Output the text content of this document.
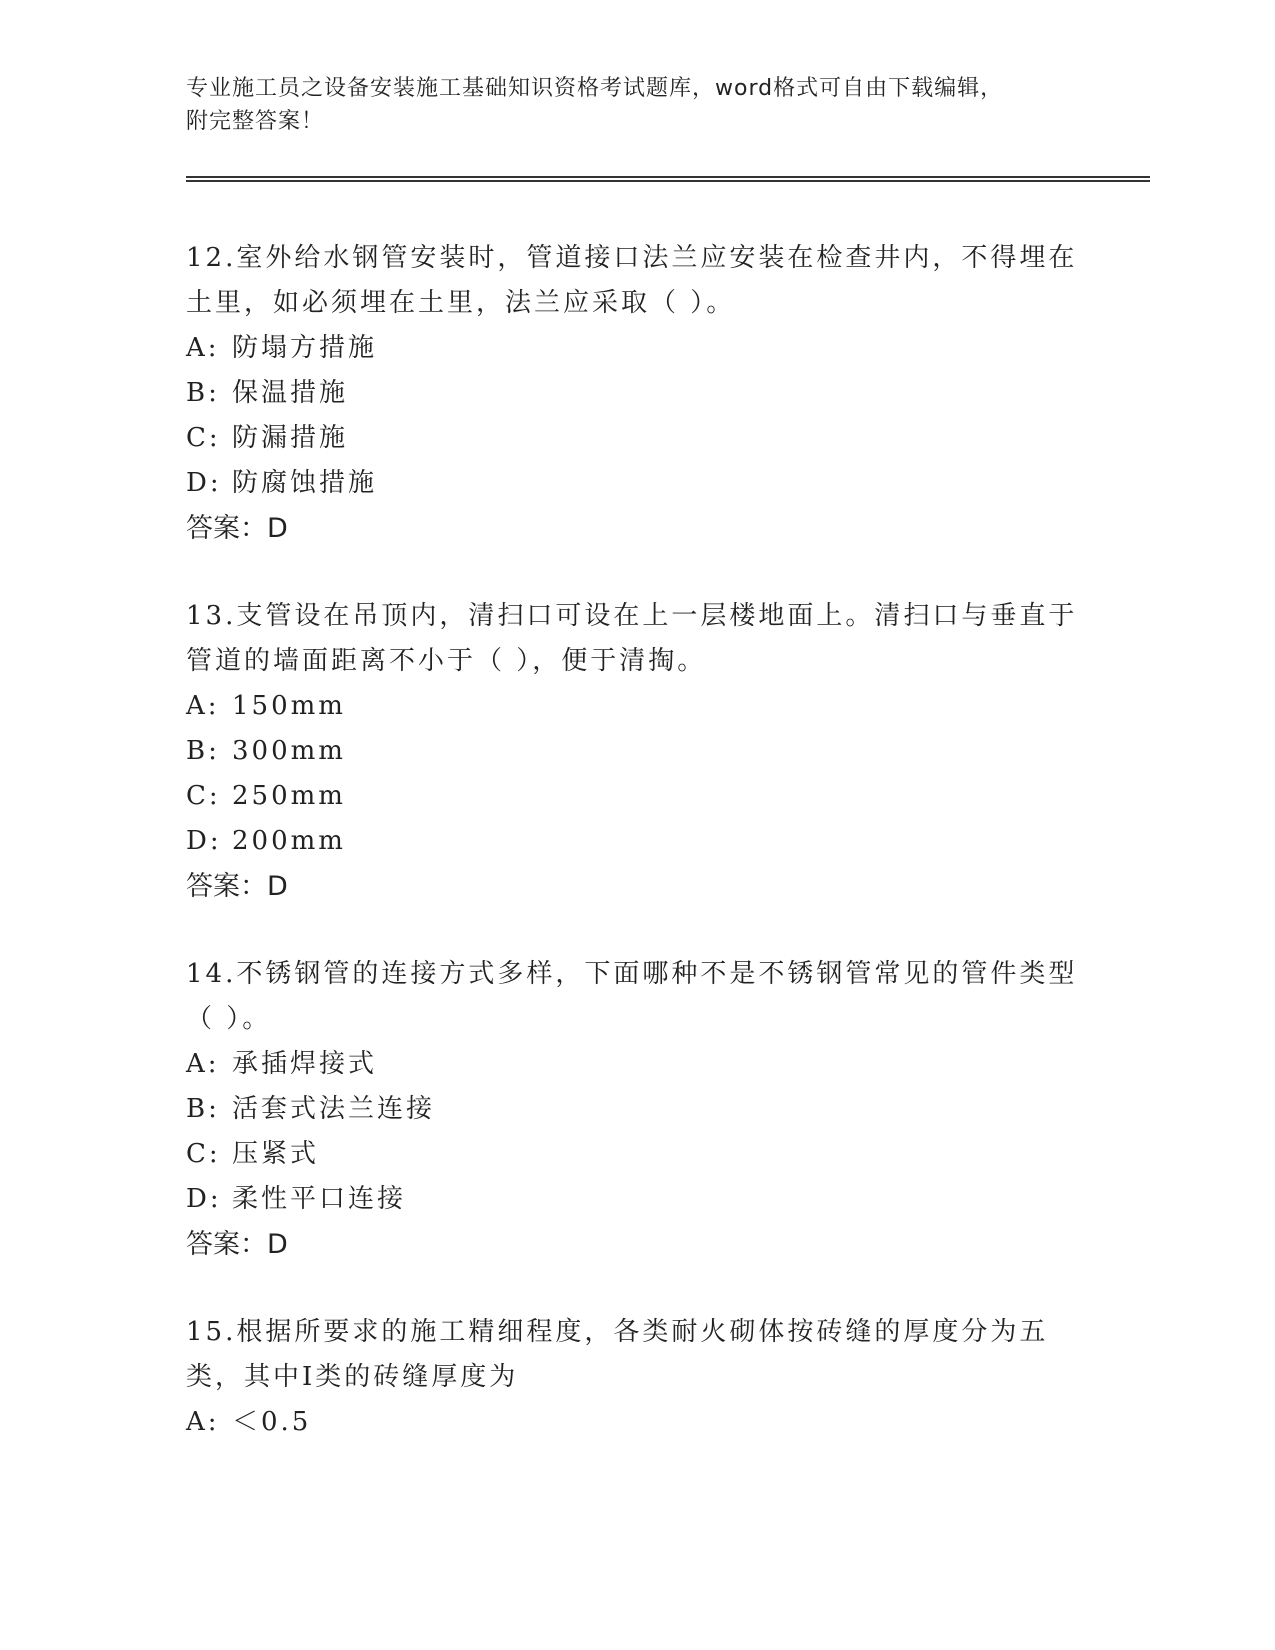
专业施工员之设备安装施工基础知识资格考试题库，word格式可自由下载编辑，
附完整答案！
12.室外给水钢管安装时，管道接口法兰应安装在检查井内，不得埋在土里，如必须埋在土里，法兰应采取（ ）。
A: 防塌方措施
B: 保温措施
C: 防漏措施
D: 防腐蚀措施
答案：D
13.支管设在吊顶内，清扫口可设在上一层楼地面上。清扫口与垂直于管道的墙面距离不小于（ ），便于清掏。
A: 150mm
B: 300mm
C: 250mm
D: 200mm
答案：D
14.不锈钢管的连接方式多样，下面哪种不是不锈钢管常见的管件类型（ ）。
A: 承插焊接式
B: 活套式法兰连接
C: 压紧式
D: 柔性平口连接
答案：D
15.根据所要求的施工精细程度，各类耐火砌体按砖缝的厚度分为五类，其中Ⅰ类的砖缝厚度为
A: ＜0.5
